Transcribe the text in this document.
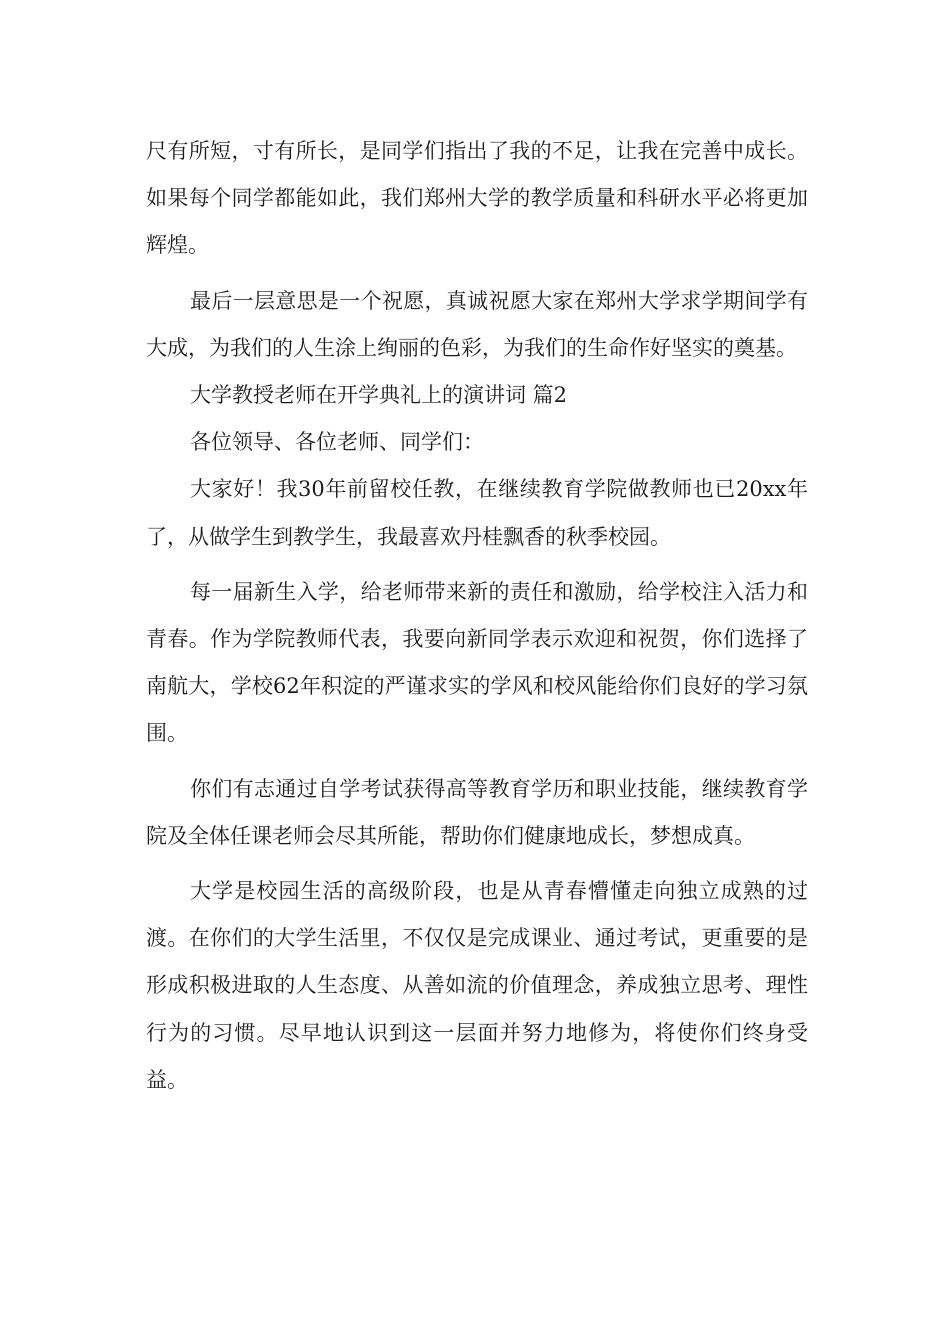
尺有所短，寸有所长，是同学们指出了我的不足，让我在完善中成长。如果每个同学都能如此，我们郑州大学的教学质量和科研水平必将更加辉煌。

最后一层意思是一个祝愿，真诚祝愿大家在郑州大学求学期间学有大成，为我们的人生涂上绚丽的色彩，为我们的生命作好坚实的奠基。

大学教授老师在开学典礼上的演讲词 篇2

各位领导、各位老师、同学们：

大家好！我30年前留校任教，在继续教育学院做教师也已20xx年了，从做学生到教学生，我最喜欢丹桂飘香的秋季校园。

每一届新生入学，给老师带来新的责任和激励，给学校注入活力和青春。作为学院教师代表，我要向新同学表示欢迎和祝贺，你们选择了南航大，学校62年积淀的严谨求实的学风和校风能给你们良好的学习氛围。

你们有志通过自学考试获得高等教育学历和职业技能，继续教育学院及全体任课老师会尽其所能，帮助你们健康地成长，梦想成真。

大学是校园生活的高级阶段，也是从青春懵懂走向独立成熟的过渡。在你们的大学生活里，不仅仅是完成课业、通过考试，更重要的是形成积极进取的人生态度、从善如流的价值理念，养成独立思考、理性行为的习惯。尽早地认识到这一层面并努力地修为，将使你们终身受益。
